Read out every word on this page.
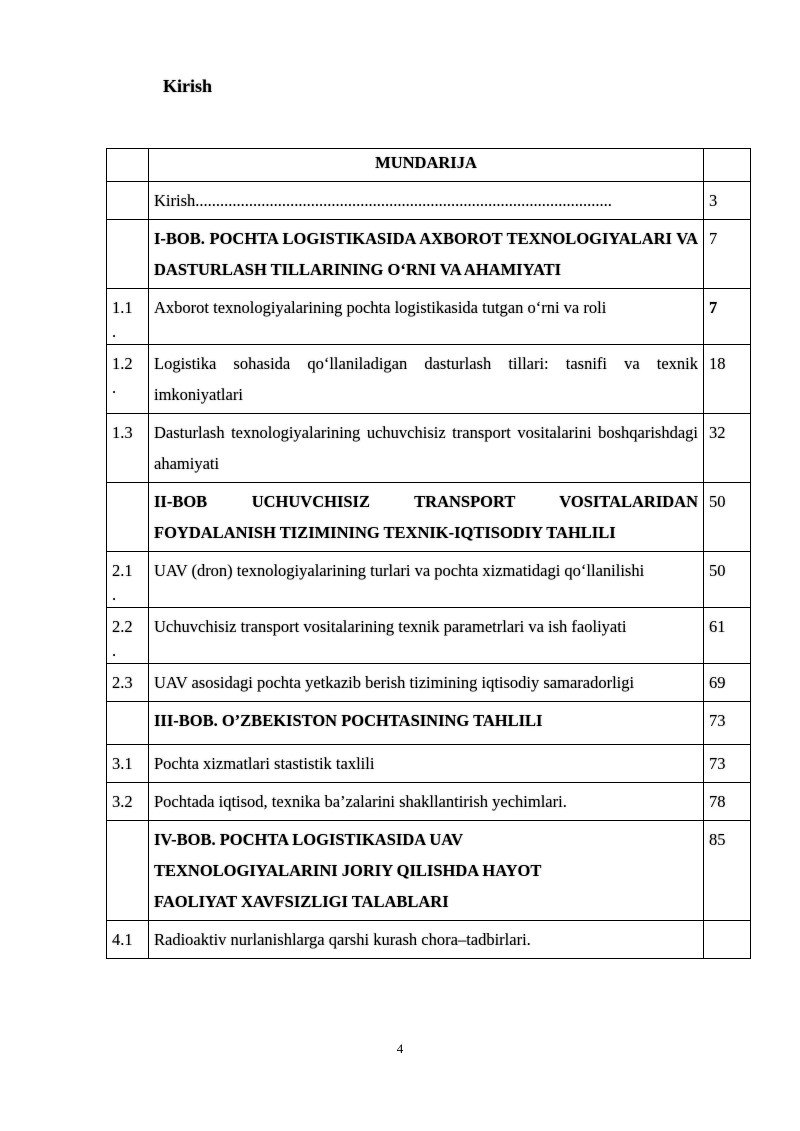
Kirish
	MUNDARIJA	
	Kirish.....................................................................................................	3
	I-BOB. POCHTA LOGISTIKASIDA AXBOROT TEXNOLOGIYALARI VA DASTURLASH TILLARINING O‘RNI VA AHAMIYATI	7
1.1
.	Axborot texnologiyalarining pochta logistikasida tutgan o‘rni va roli	7
1.2
.	Logistika sohasida qo‘llaniladigan dasturlash tillari: tasnifi va texnik imkoniyatlari	18
1.3	Dasturlash texnologiyalarining uchuvchisiz transport vositalarini boshqarishdagi ahamiyati	32
	II-BOB UCHUVCHISIZ TRANSPORT VOSITALARIDAN FOYDALANISH TIZIMINING TEXNIK-IQTISODIY TAHLILI	50
2.1
.	UAV (dron) texnologiyalarining turlari va pochta xizmatidagi qo‘llanilishi	50
2.2
.	Uchuvchisiz transport vositalarining texnik parametrlari va ish faoliyati	61
2.3	UAV asosidagi pochta yetkazib berish tizimining iqtisodiy samaradorligi	69
	III-BOB. O’ZBEKISTON POCHTASINING TAHLILI	73
3.1	Pochta xizmatlari stastistik taxlili	73
3.2	Pochtada iqtisod, texnika ba’zalarini shakllantirish yechimlari.	78

	IV-BOB. POCHTA LOGISTIKASIDA UAV
TEXNOLOGIYALARINI JORIY QILISHDA HAYOT
FAOLIYAT XAVFSIZLIGI TALABLARI	85
4.1	Radioaktiv nurlanishlarga qarshi kurash chora–tadbirlari.	
4
